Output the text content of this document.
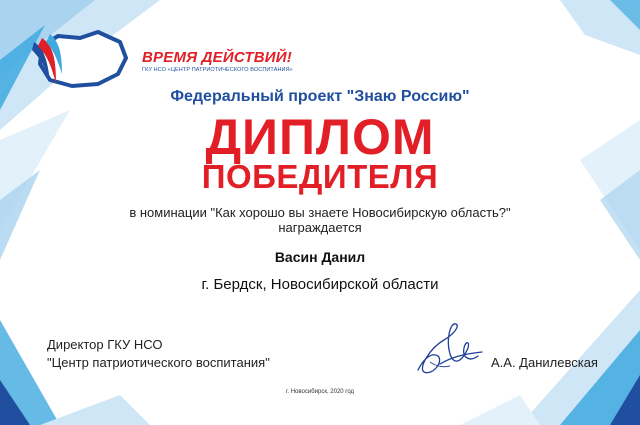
ВРЕМЯ ДЕЙСТВИЙ!
ГКУ НСО «ЦЕНТР ПАТРИОТИЧЕСКОГО ВОСПИТАНИЯ»
Федеральный проект "Знаю Россию"
ДИПЛОМ
ПОБЕДИТЕЛЯ
в номинации "Как хорошо вы знаете Новосибирскую область?"
награждается
Васин Данил
г. Бердск, Новосибирской области
Директор ГКУ НСО
"Центр патриотического воспитания"	А.А. Данилевская
г. Новосибирск, 2020 год
